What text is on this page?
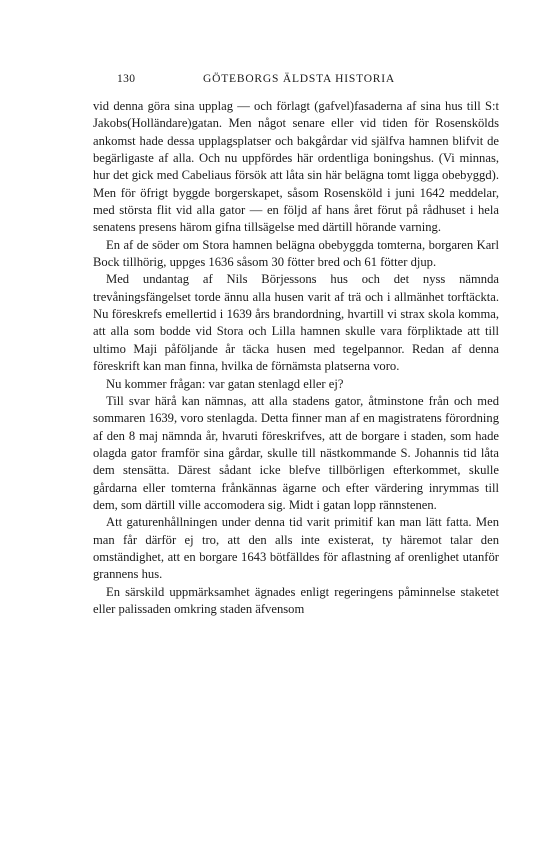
130	GÖTEBORGS ÄLDSTA HISTORIA

vid denna göra sina upplag — och förlagt (gafvel)fasaderna af sina hus till S:t Jakobs(Holländare)gatan. Men något senare eller vid tiden för Rosenskölds ankomst hade dessa upplagsplatser och bakgårdar vid själfva hamnen blifvit de begärligaste af alla. Och nu uppfördes här ordentliga boningshus. (Vi minnas, hur det gick med Cabeliaus försök att låta sin här belägna tomt ligga obebyggd). Men för öfrigt byggde borgerskapet, såsom Rosensköld i juni 1642 meddelar, med största flit vid alla gator — en följd af hans året förut på rådhuset i hela senatens presens härom gifna tillsägelse med därtill hörande varning.

En af de söder om Stora hamnen belägna obebyggda tomterna, borgaren Karl Bock tillhörig, uppges 1636 såsom 30 fötter bred och 61 fötter djup.

Med undantag af Nils Börjessons hus och det nyss nämnda trevåningsfängelset torde ännu alla husen varit af trä och i allmänhet torftäckta. Nu föreskrefs emellertid i 1639 års brandordning, hvartill vi strax skola komma, att alla som bodde vid Stora och Lilla hamnen skulle vara förpliktade att till ultimo Maji påföljande år täcka husen med tegelpannor. Redan af denna föreskrift kan man finna, hvilka de förnämsta platserna voro.

Nu kommer frågan: var gatan stenlagd eller ej?

Till svar härå kan nämnas, att alla stadens gator, åtminstone från och med sommaren 1639, voro stenlagda. Detta finner man af en magistratens förordning af den 8 maj nämnda år, hvaruti föreskrifves, att de borgare i staden, som hade olagda gator framför sina gårdar, skulle till nästkommande S. Johannis tid låta dem stensätta. Därest sådant icke blefve tillbörligen efterkommet, skulle gårdarna eller tomterna frånkännas ägarne och efter värdering inrymmas till dem, som därtill ville accomodera sig. Midt i gatan lopp rännstenen.

Att gaturenhållningen under denna tid varit primitif kan man lätt fatta. Men man får därför ej tro, att den alls inte existerat, ty häremot talar den omständighet, att en borgare 1643 bötfälldes för aflastning af orenlighet utanför grannens hus.

En särskild uppmärksamhet ägnades enligt regeringens påminnelse staketet eller palissaden omkring staden äfvensom
